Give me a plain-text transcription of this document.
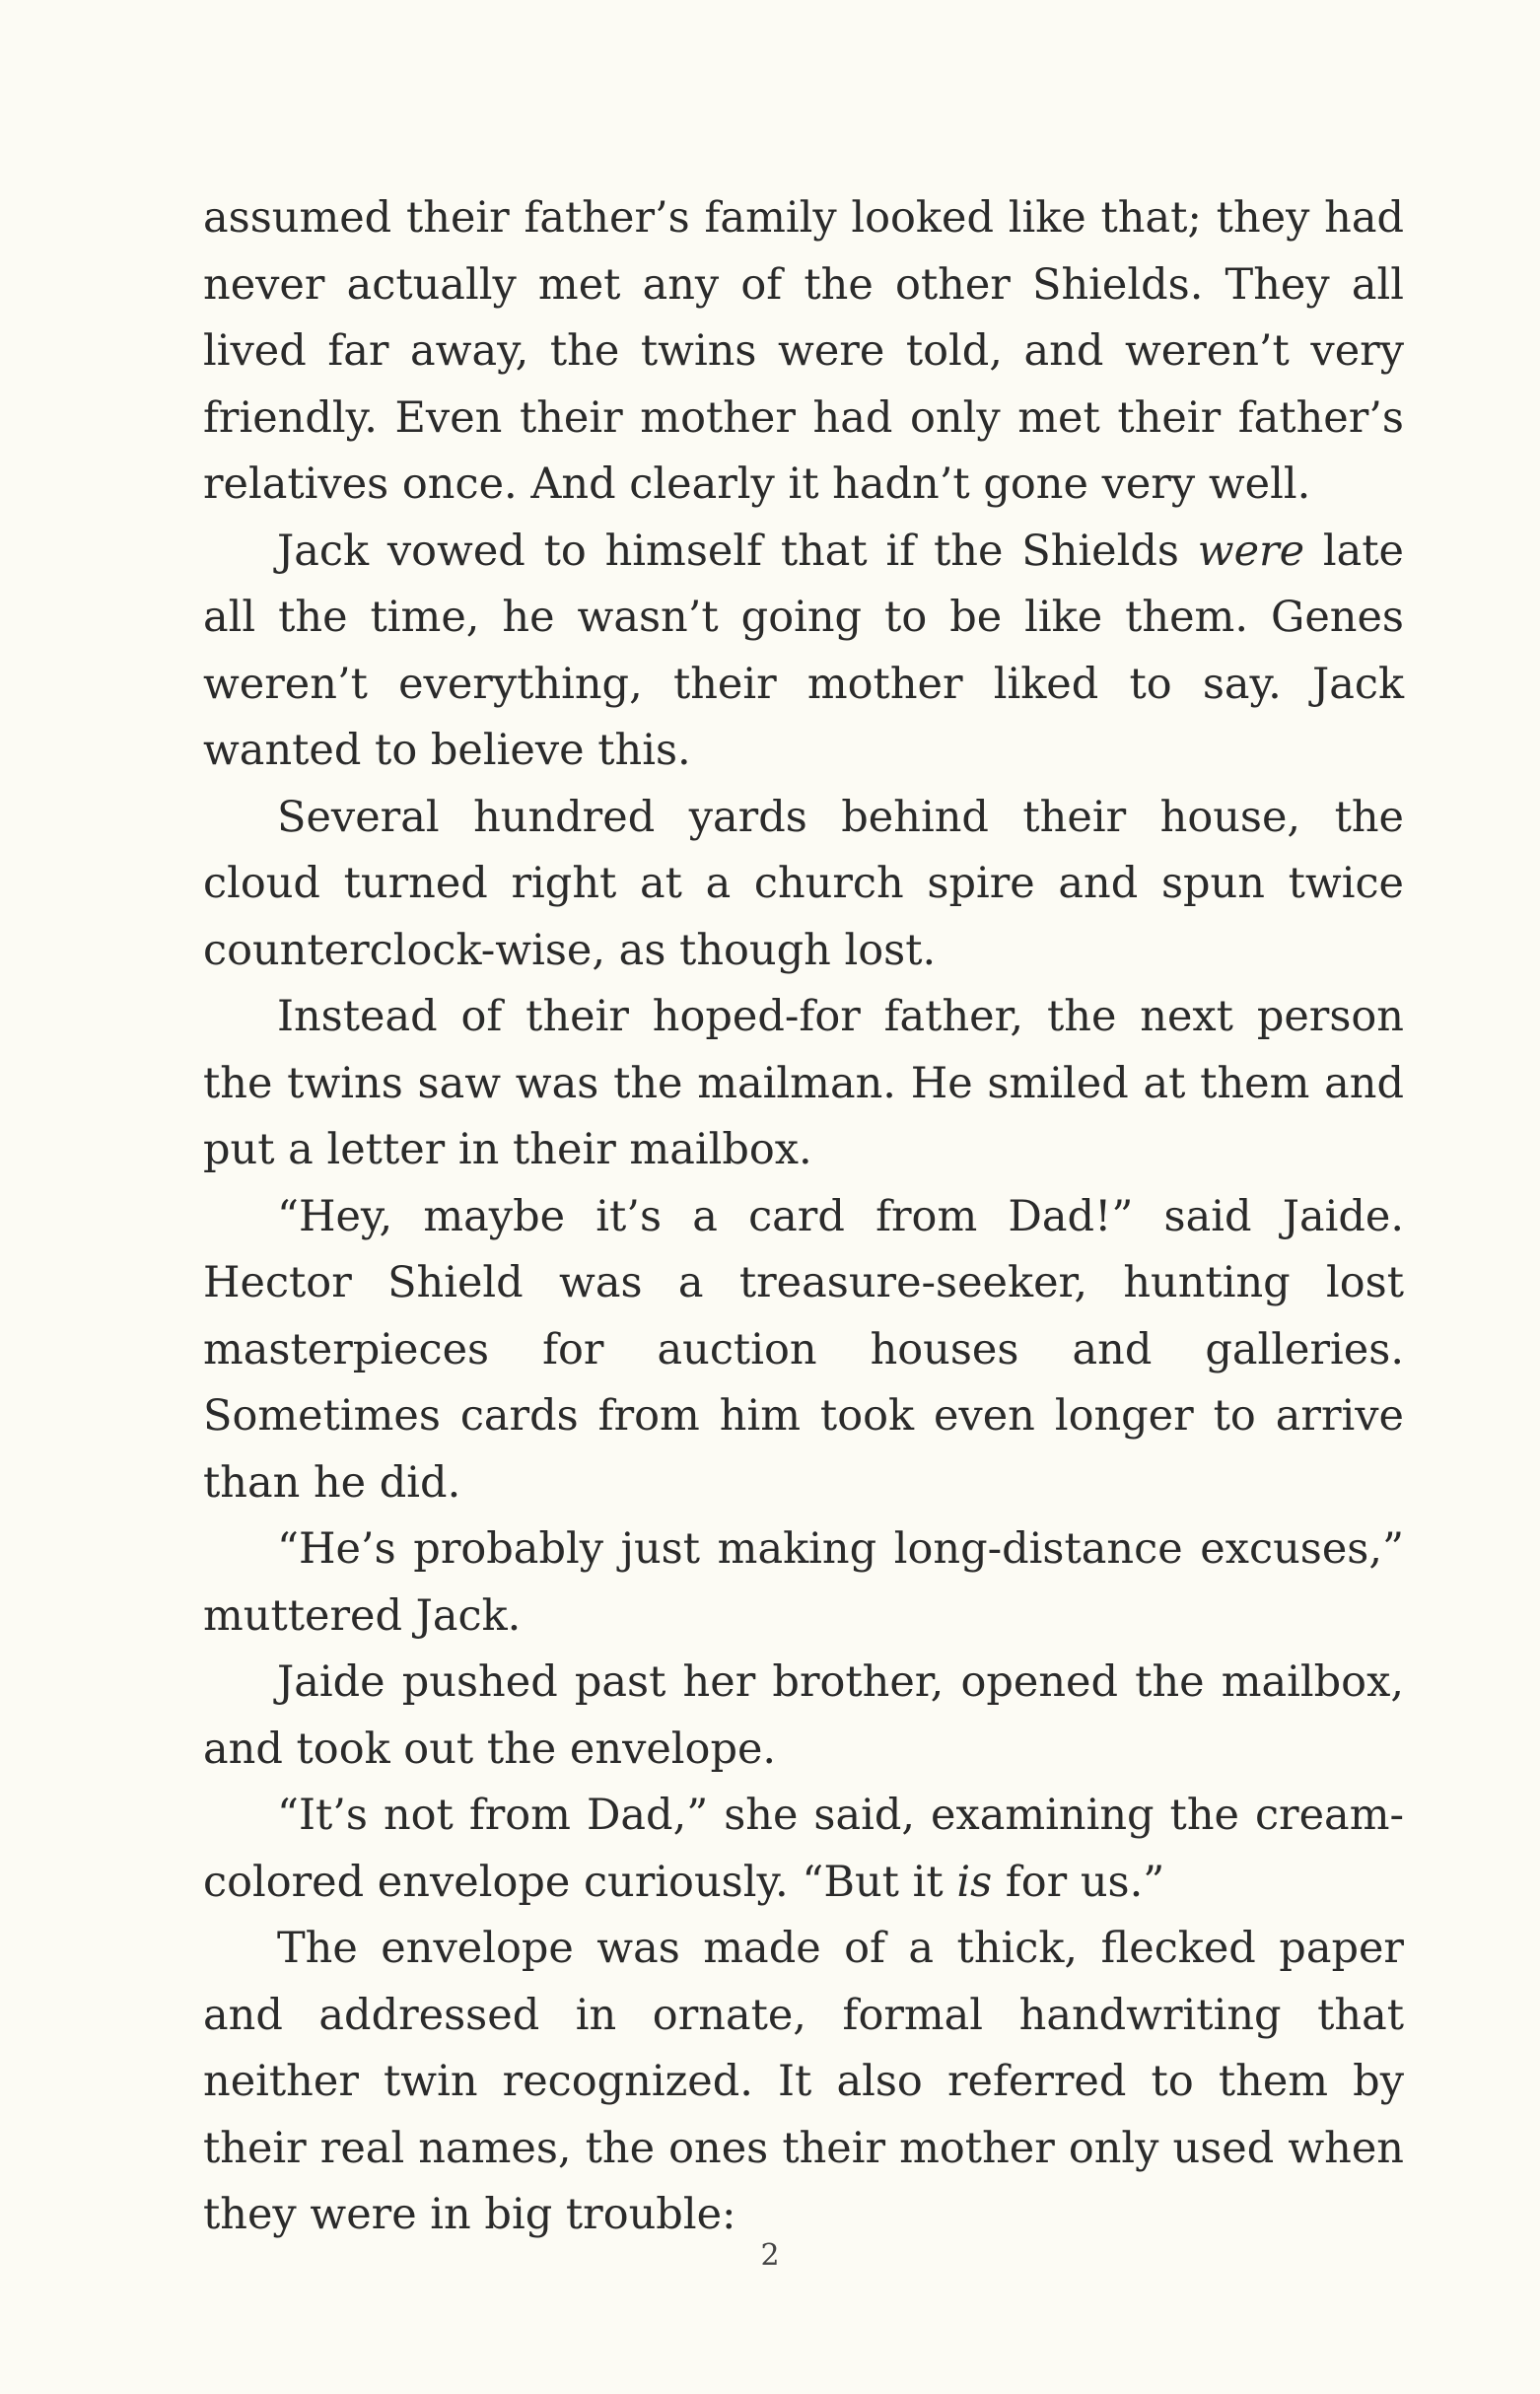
assumed their father’s family looked like that; they had never actually met any of the other Shields. They all lived far away, the twins were told, and weren’t very friendly. Even their mother had only met their father’s relatives once. And clearly it hadn’t gone very well.

Jack vowed to himself that if the Shields were late all the time, he wasn’t going to be like them. Genes weren’t everything, their mother liked to say. Jack wanted to believe this.

Several hundred yards behind their house, the cloud turned right at a church spire and spun twice counterclock-wise, as though lost.

Instead of their hoped-for father, the next person the twins saw was the mailman. He smiled at them and put a letter in their mailbox.

“Hey, maybe it’s a card from Dad!” said Jaide. Hector Shield was a treasure-seeker, hunting lost masterpieces for auction houses and galleries. Sometimes cards from him took even longer to arrive than he did.

“He’s probably just making long-distance excuses,” muttered Jack.

Jaide pushed past her brother, opened the mailbox, and took out the envelope.

“It’s not from Dad,” she said, examining the cream-colored envelope curiously. “But it is for us.”

The envelope was made of a thick, flecked paper and addressed in ornate, formal handwriting that neither twin recognized. It also referred to them by their real names, the ones their mother only used when they were in big trouble:

2
